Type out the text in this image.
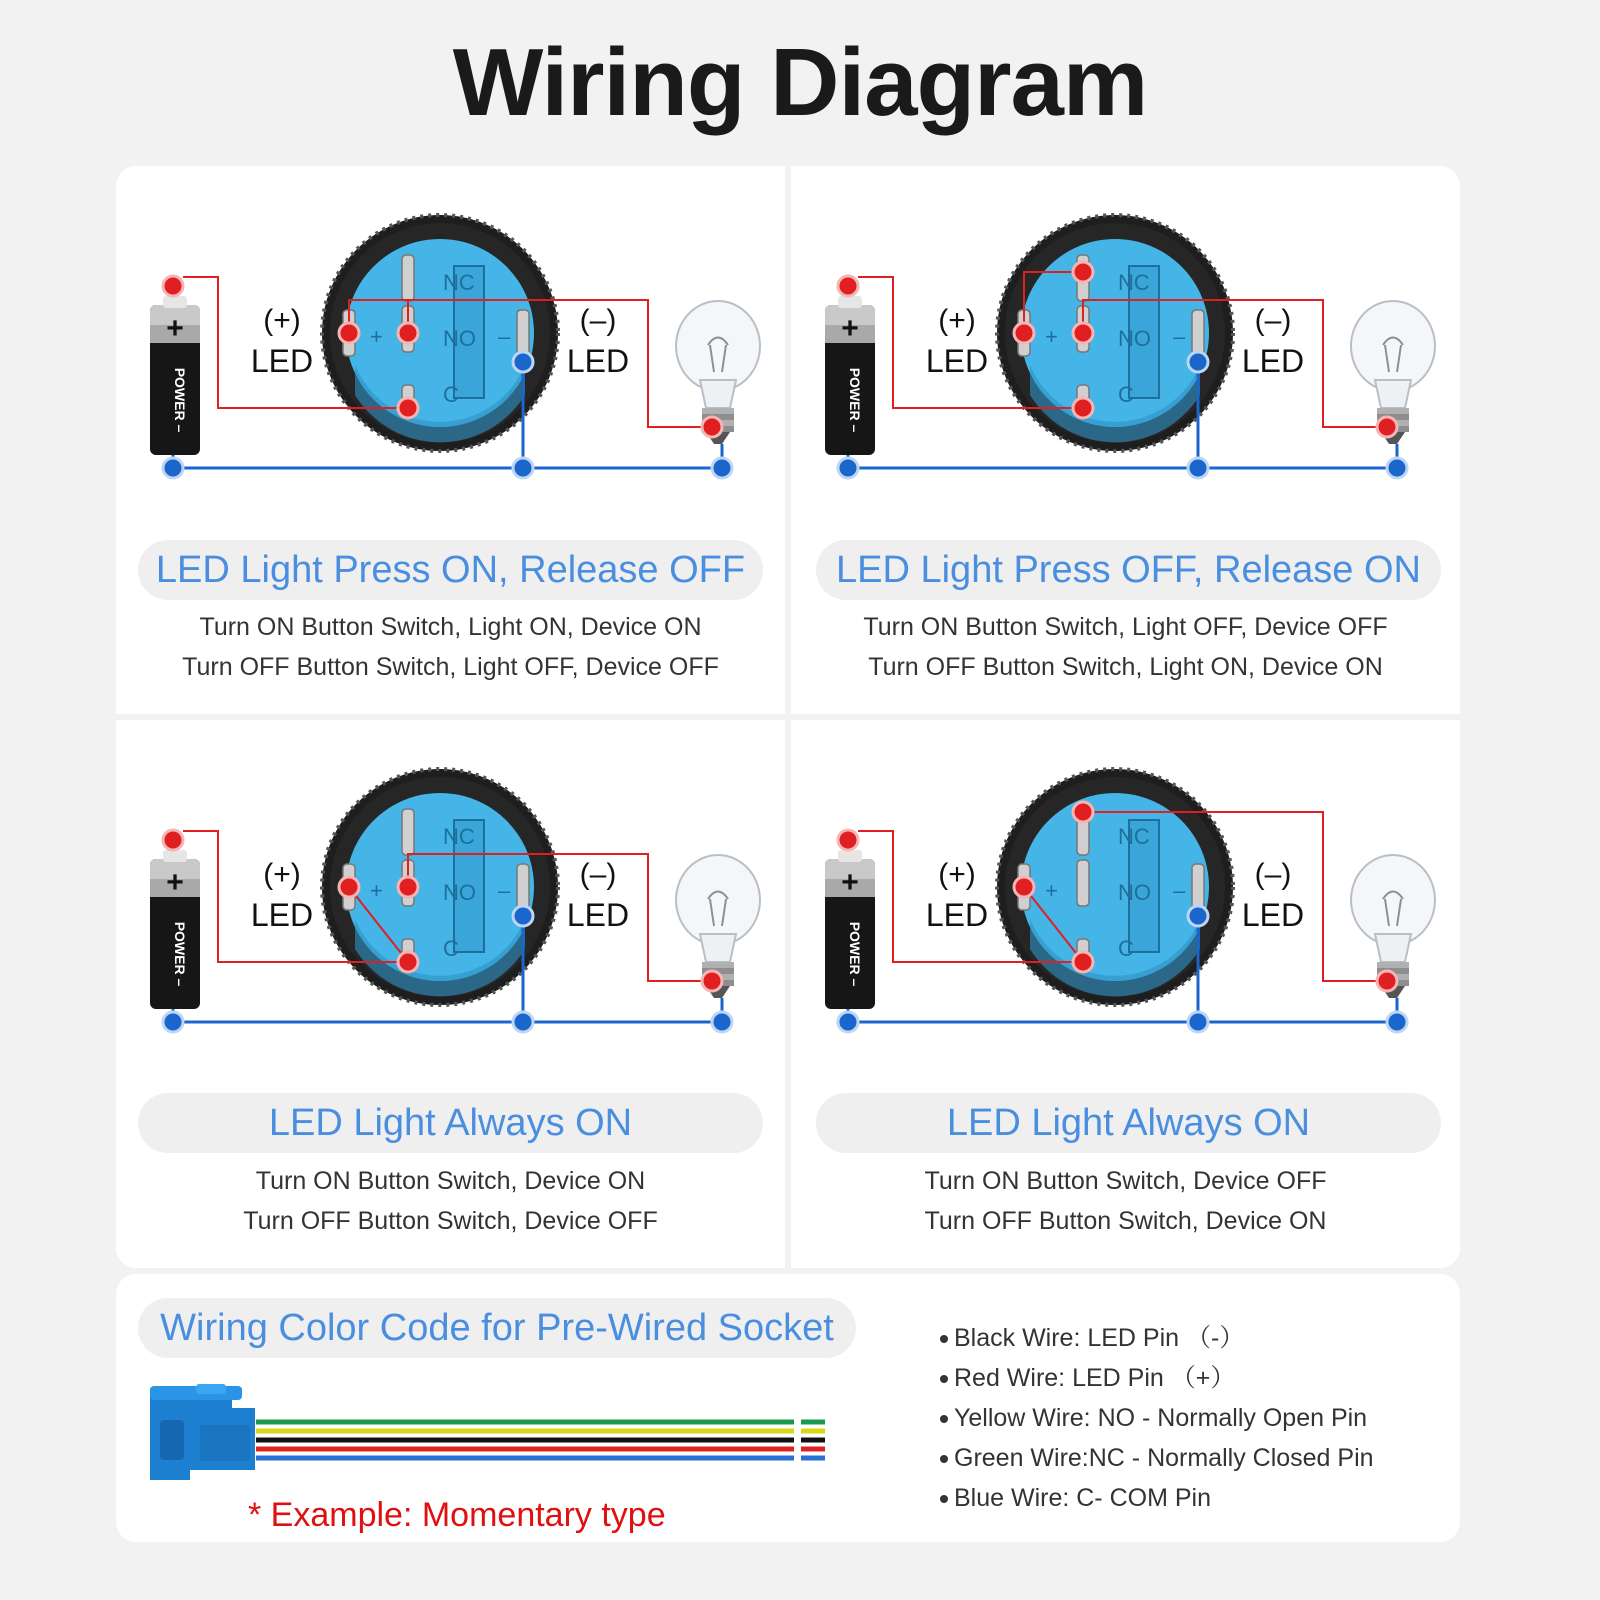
Wiring Diagram
+
POWER –
(+)
LED
(–)
LED
NC
NO
C
+	–	+
POWER –
(+)
LED
(–)
LED
NC
NO
C
+	–
+
POWER –
(+)
LED
(–)
LED
NC
NO
C
+	–	+
POWER –
(+)
LED
(–)
LED
NC
NO
C
+	–
LED Light Press ON, Release OFF
Turn ON Button Switch, Light ON, Device ON
Turn OFF Button Switch, Light OFF, Device OFF
LED Light Press OFF, Release ON
Turn ON Button Switch, Light OFF, Device OFF
Turn OFF Button Switch, Light ON, Device ON
LED Light Always ON
Turn ON Button Switch, Device ON
Turn OFF Button Switch, Device OFF
LED Light Always ON
Turn ON Button Switch, Device OFF
Turn OFF Button Switch, Device ON
Wiring Color Code for Pre-Wired Socket	Black Wire: LED Pin （-）
Red Wire: LED Pin （+）
Yellow Wire: NO - Normally Open Pin
Green Wire:NC - Normally Closed Pin
Blue Wire: C- COM Pin
* Example: Momentary type
